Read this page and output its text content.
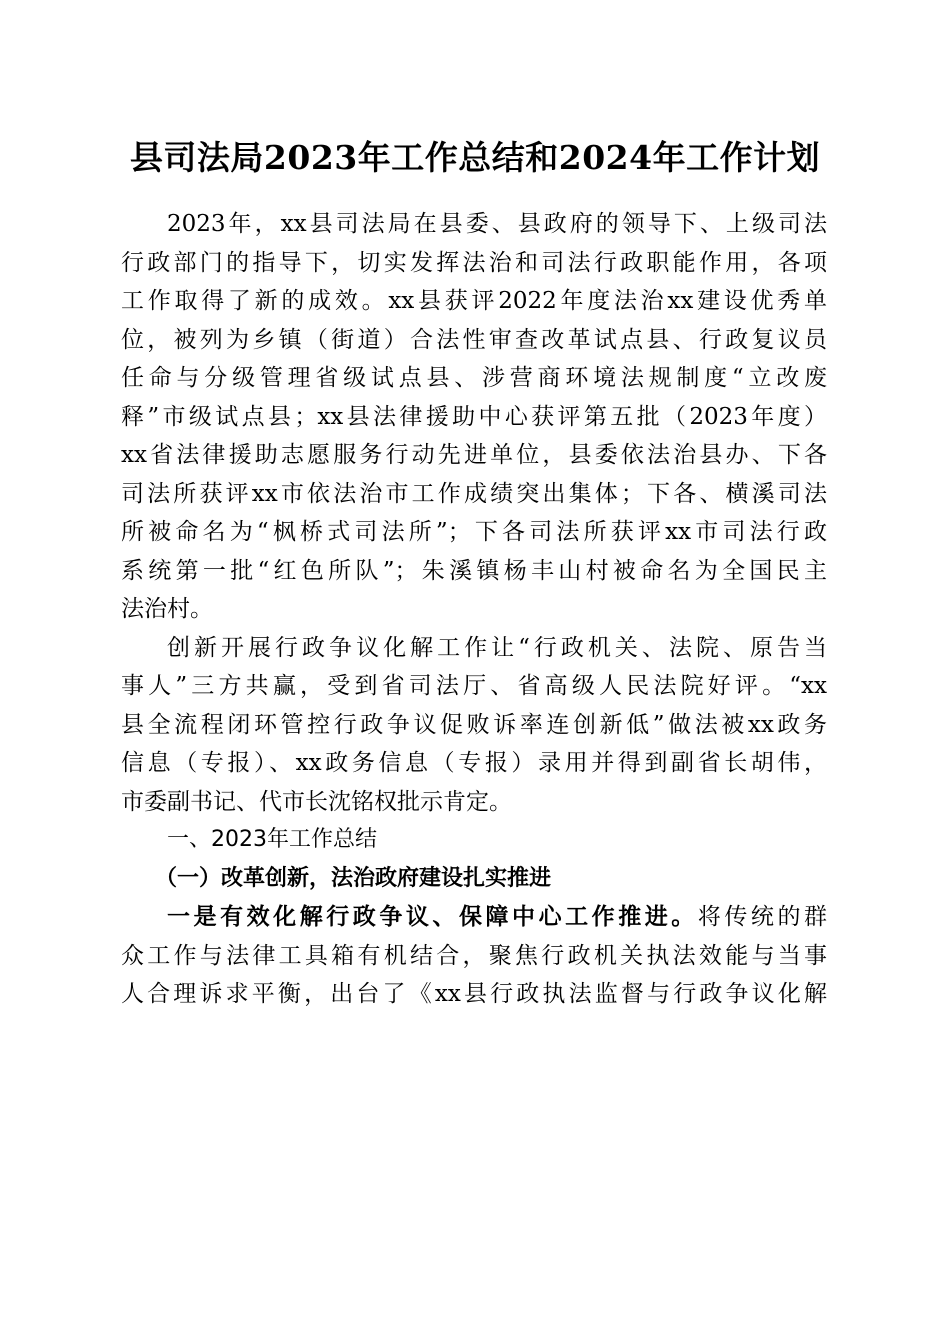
县司法局2023年工作总结和2024年工作计划

2023年，xx县司法局在县委、县政府的领导下、上级司法
行政部门的指导下，切实发挥法治和司法行政职能作用，各项
工作取得了新的成效。xx县获评2022年度法治xx建设优秀单
位，被列为乡镇（街道）合法性审查改革试点县、行政复议员
任命与分级管理省级试点县、涉营商环境法规制度“立改废
释”市级试点县；xx县法律援助中心获评第五批（2023年度）
xx省法律援助志愿服务行动先进单位，县委依法治县办、下各
司法所获评xx市依法治市工作成绩突出集体；下各、横溪司法
所被命名为“枫桥式司法所”；下各司法所获评xx市司法行政
系统第一批“红色所队”；朱溪镇杨丰山村被命名为全国民主
法治村。

创新开展行政争议化解工作让“行政机关、法院、原告当
事人”三方共赢，受到省司法厅、省高级人民法院好评。“xx
县全流程闭环管控行政争议促败诉率连创新低”做法被xx政务
信息（专报）、xx政务信息（专报）录用并得到副省长胡伟，
市委副书记、代市长沈铭权批示肯定。

一、2023年工作总结

（一）改革创新，法治政府建设扎实推进

一是有效化解行政争议、保障中心工作推进。将传统的群
众工作与法律工具箱有机结合，聚焦行政机关执法效能与当事
人合理诉求平衡，出台了《xx县行政执法监督与行政争议化解
